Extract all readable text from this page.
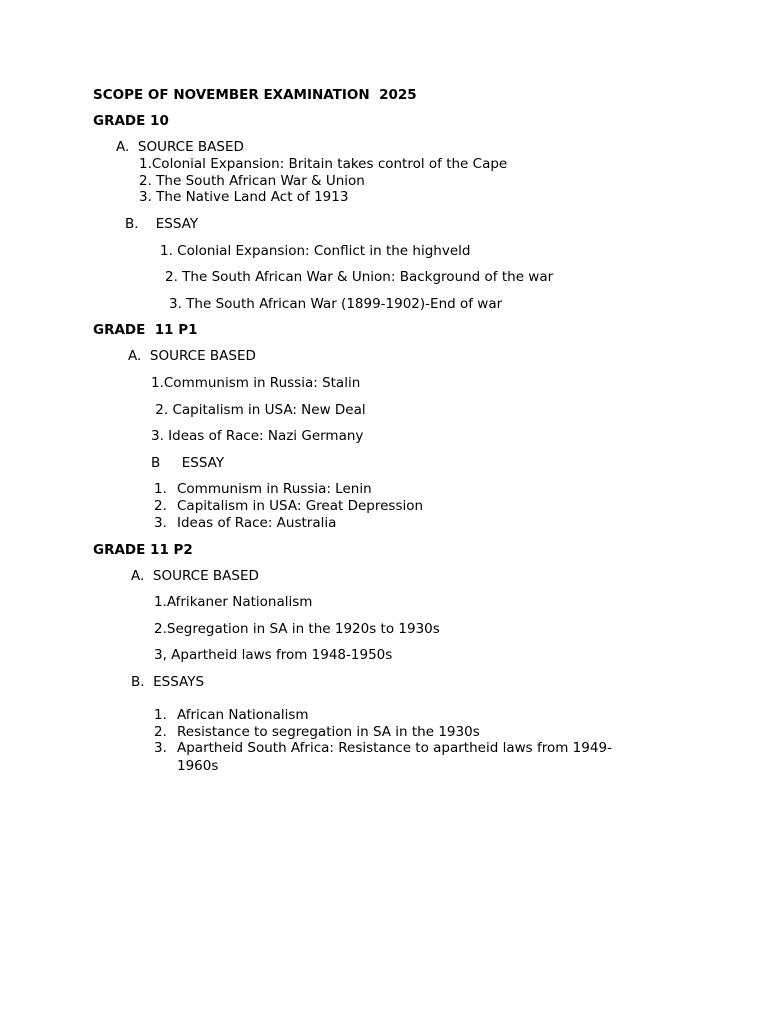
SCOPE OF NOVEMBER EXAMINATION  2025
GRADE 10
A.  SOURCE BASED
1.Colonial Expansion: Britain takes control of the Cape
2. The South African War & Union
3. The Native Land Act of 1913
B.    ESSAY
1. Colonial Expansion: Conflict in the highveld
2. The South African War & Union: Background of the war
3. The South African War (1899-1902)-End of war
GRADE  11 P1
A.  SOURCE BASED
1.Communism in Russia: Stalin
2. Capitalism in USA: New Deal
3. Ideas of Race: Nazi Germany
B     ESSAY
1. Communism in Russia: Lenin
2. Capitalism in USA: Great Depression
3. Ideas of Race: Australia
GRADE 11 P2
A.  SOURCE BASED
1.Afrikaner Nationalism
2.Segregation in SA in the 1920s to 1930s
3, Apartheid laws from 1948-1950s
B.  ESSAYS
1. African Nationalism
2. Resistance to segregation in SA in the 1930s
3. Apartheid South Africa: Resistance to apartheid laws from 1949-
1960s
